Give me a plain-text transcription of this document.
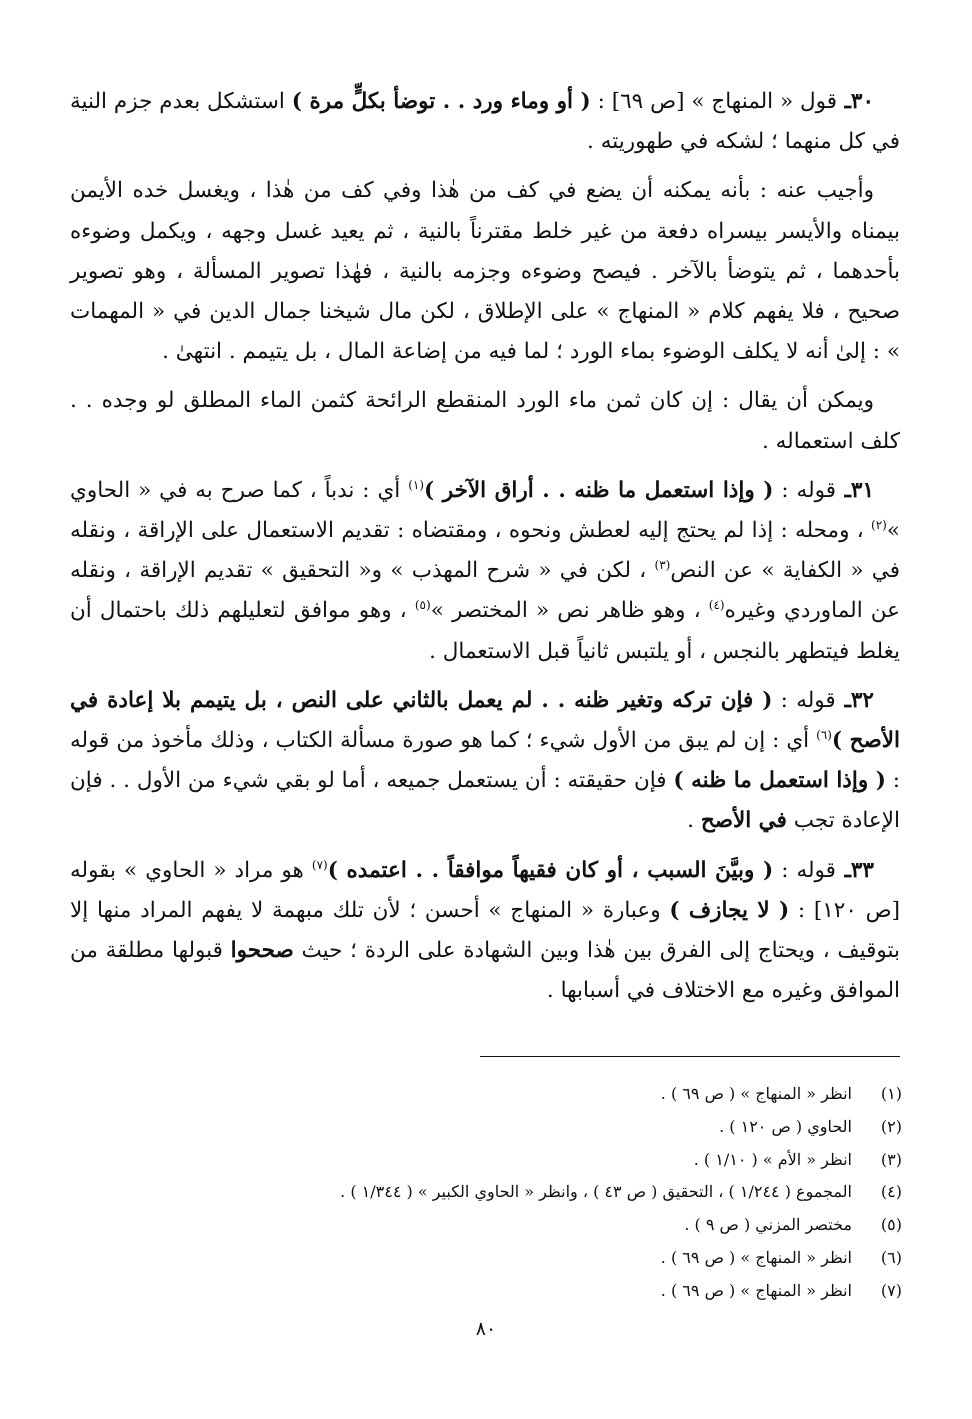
٣٠ـ قول « المنهاج » [ص ٦٩] : ( أو وماء ورد . . توضأ بكلٍّ مرة ) استشكل بعدم جزم النية في كل منهما ؛ لشكه في طهوريته .

وأجيب عنه : بأنه يمكنه أن يضع في كف من هٰذا وفي كف من هٰذا ، ويغسل خده الأيمن بيمناه والأيسر بيسراه دفعة من غير خلط مقترناً بالنية ، ثم يعيد غسل وجهه ، ويكمل وضوءه بأحدهما ، ثم يتوضأ بالآخر . فيصح وضوءه وجزمه بالنية ، فهٰذا تصوير المسألة ، وهو تصوير صحيح ، فلا يفهم كلام « المنهاج » على الإطلاق ، لكن مال شيخنا جمال الدين في « المهمات » : إلىٰ أنه لا يكلف الوضوء بماء الورد ؛ لما فيه من إضاعة المال ، بل يتيمم . انتهىٰ .

ويمكن أن يقال : إن كان ثمن ماء الورد المنقطع الرائحة كثمن الماء المطلق لو وجده . . كلف استعماله .

٣١ـ قوله : ( وإذا استعمل ما ظنه . . أراق الآخر )$^{(١)}$ أي : ندباً ، كما صرح به في « الحاوي »$^{(٢)}$ ، ومحله : إذا لم يحتج إليه لعطش ونحوه ، ومقتضاه : تقديم الاستعمال على الإراقة ، ونقله في « الكفاية » عن النص$^{(٣)}$ ، لكن في « شرح المهذب » و« التحقيق » تقديم الإراقة ، ونقله عن الماوردي وغيره$^{(٤)}$ ، وهو ظاهر نص « المختصر »$^{(٥)}$ ، وهو موافق لتعليلهم ذلك باحتمال أن يغلط فيتطهر بالنجس ، أو يلتبس ثانياً قبل الاستعمال .

٣٢ـ قوله : ( فإن تركه وتغير ظنه . . لم يعمل بالثاني على النص ، بل يتيمم بلا إعادة في الأصح )$^{(٦)}$ أي : إن لم يبق من الأول شيء ؛ كما هو صورة مسألة الكتاب ، وذلك مأخوذ من قوله : ( وإذا استعمل ما ظنه ) فإن حقيقته : أن يستعمل جميعه ، أما لو بقي شيء من الأول . . فإن الإعادة تجب في الأصح .

٣٣ـ قوله : ( وبيَّنَ السبب ، أو كان فقيهاً موافقاً . . اعتمده )$^{(٧)}$ هو مراد « الحاوي » بقوله [ص ١٢٠] : ( لا يجازف ) وعبارة « المنهاج » أحسن ؛ لأن تلك مبهمة لا يفهم المراد منها إلا بتوقيف ، ويحتاج إلى الفرق بين هٰذا وبين الشهادة على الردة ؛ حيث صححوا قبولها مطلقة من الموافق وغيره مع الاختلاف في أسبابها .

(١)
انظر « المنهاج » ( ص ٦٩ ) .
(٢)
الحاوي ( ص ١٢٠ ) .
(٣)
انظر « الأم » ( ١/١٠ ) .
(٤)
المجموع ( ١/٢٤٤ ) ، التحقيق ( ص ٤٣ ) ، وانظر « الحاوي الكبير » ( ١/٣٤٤ ) .
(٥)
مختصر المزني ( ص ٩ ) .
(٦)
انظر « المنهاج » ( ص ٦٩ ) .
(٧)
انظر « المنهاج » ( ص ٦٩ ) .
٨٠
